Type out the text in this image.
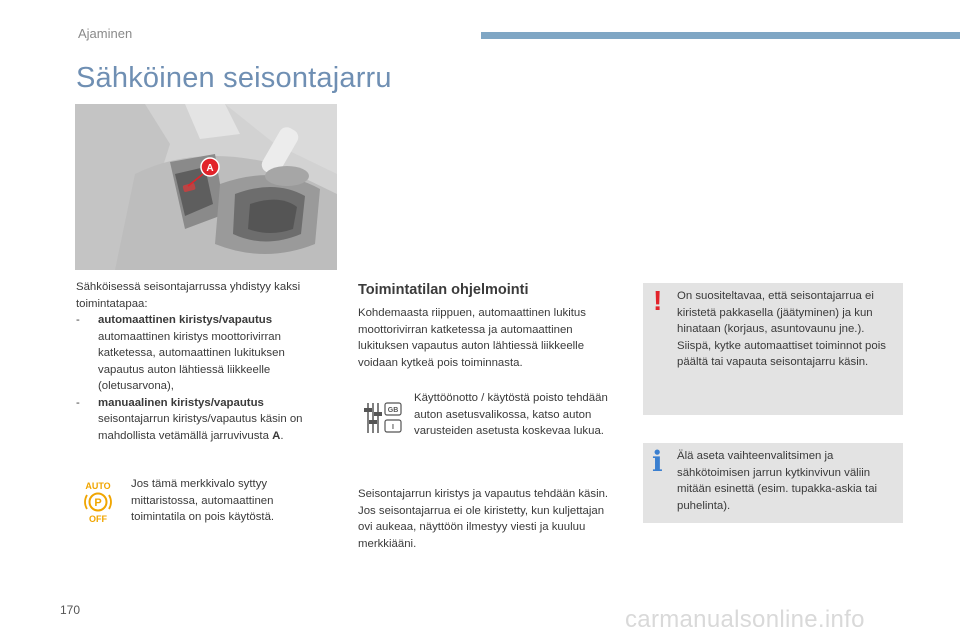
Ajaminen
Sähköinen seisontajarru
A
Sähköisessä seisontajarrussa yhdistyy kaksi toimintatapaa:
- automaattinen kiristys/vapautus
automaattinen kiristys moottorivirran katketessa, automaattinen lukituksen vapautus auton lähtiessä liikkeelle (oletusarvona),
- manuaalinen kiristys/vapautus
seisontajarrun kiristys/vapautus käsin on mahdollista vetämällä jarruvivusta A.
AUTO
P
OFF
Jos tämä merkkivalo syttyy mittaristossa, automaattinen toimintatila on pois käytöstä.
Toimintatilan ohjelmointi
Kohdemaasta riippuen, automaattinen lukitus moottorivirran katketessa ja automaattinen lukituksen vapautus auton lähtiessä liikkeelle voidaan kytkeä pois toiminnasta.
GB
I
Käyttöönotto / käytöstä poisto tehdään auton asetusvalikossa, katso auton varusteiden asetusta koskevaa lukua.
Seisontajarrun kiristys ja vapautus tehdään käsin. Jos seisontajarrua ei ole kiristetty, kun kuljettajan ovi aukeaa, näyttöön ilmestyy viesti ja kuuluu merkkiääni.
! On suositeltavaa, että seisontajarrua ei kiristetä pakkasella (jäätyminen) ja kun hinataan (korjaus, asuntovaunu jne.). Siispä, kytke automaattiset toiminnot pois päältä tai vapauta seisontajarru käsin.
i Älä aseta vaihteenvalitsimen ja sähkötoimisen jarrun kytkinvivun väliin mitään esinettä (esim. tupakka-askia tai puhelinta).
170	carmanualsonline.info
